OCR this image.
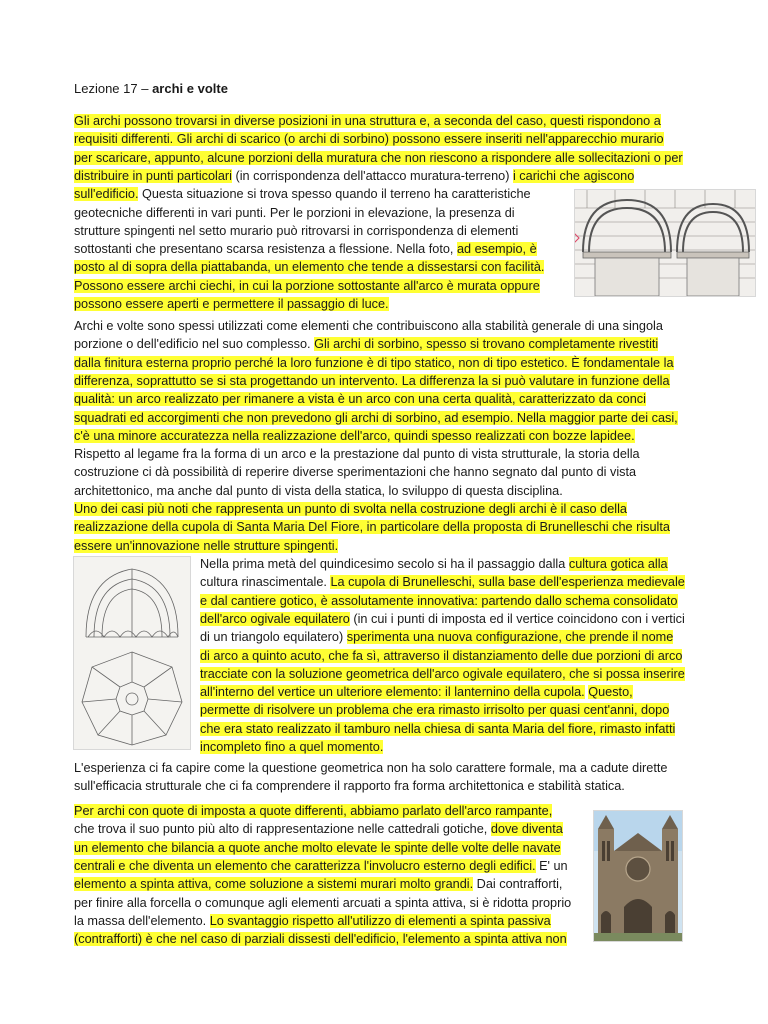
Lezione 17 – archi e volte
Gli archi possono trovarsi in diverse posizioni in una struttura e, a seconda del caso, questi rispondono a
requisiti differenti. Gli archi di scarico (o archi di sorbino) possono essere inseriti nell'apparecchio murario
per scaricare, appunto, alcune porzioni della muratura che non riescono a rispondere alle sollecitazioni o per
distribuire in punti particolari (in corrispondenza dell'attacco muratura-terreno) i carichi che agiscono
sull'edificio. Questa situazione si trova spesso quando il terreno ha caratteristiche
geotecniche differenti in vari punti. Per le porzioni in elevazione, la presenza di
strutture spingenti nel setto murario può ritrovarsi in corrispondenza di elementi
sottostanti che presentano scarsa resistenza a flessione. Nella foto, ad esempio, è
posto al di sopra della piattabanda, un elemento che tende a dissestarsi con facilità.
Possono essere archi ciechi, in cui la porzione sottostante all'arco è murata oppure
possono essere aperti e permettere il passaggio di luce.
Archi e volte sono spessi utilizzati come elementi che contribuiscono alla stabilità generale di una singola
porzione o dell'edificio nel suo complesso. Gli archi di sorbino, spesso si trovano completamente rivestiti
dalla finitura esterna proprio perché la loro funzione è di tipo statico, non di tipo estetico. È fondamentale la
differenza, soprattutto se si sta progettando un intervento. La differenza la si può valutare in funzione della
qualità: un arco realizzato per rimanere a vista è un arco con una certa qualità, caratterizzato da conci
squadrati ed accorgimenti che non prevedono gli archi di sorbino, ad esempio. Nella maggior parte dei casi,
c'è una minore accuratezza nella realizzazione dell'arco, quindi spesso realizzati con bozze lapidee.
Rispetto al legame fra la forma di un arco e la prestazione dal punto di vista strutturale, la storia della
costruzione ci dà possibilità di reperire diverse sperimentazioni che hanno segnato dal punto di vista
architettonico, ma anche dal punto di vista della statica, lo sviluppo di questa disciplina.
Uno dei casi più noti che rappresenta un punto di svolta nella costruzione degli archi è il caso della
realizzazione della cupola di Santa Maria Del Fiore, in particolare della proposta di Brunelleschi che risulta
essere un'innovazione nelle strutture spingenti.
Nella prima metà del quindicesimo secolo si ha il passaggio dalla cultura gotica alla
cultura rinascimentale. La cupola di Brunelleschi, sulla base dell'esperienza medievale
e dal cantiere gotico, è assolutamente innovativa: partendo dallo schema consolidato
dell'arco ogivale equilatero (in cui i punti di imposta ed il vertice coincidono con i vertici
di un triangolo equilatero) sperimenta una nuova configurazione, che prende il nome
di arco a quinto acuto, che fa sì, attraverso il distanziamento delle due porzioni di arco
tracciate con la soluzione geometrica dell'arco ogivale equilatero, che si possa inserire
all'interno del vertice un ulteriore elemento: il lanternino della cupola. Questo,
permette di risolvere un problema che era rimasto irrisolto per quasi cent'anni, dopo
che era stato realizzato il tamburo nella chiesa di santa Maria del fiore, rimasto infatti
incompleto fino a quel momento.
L'esperienza ci fa capire come la questione geometrica non ha solo carattere formale, ma a cadute dirette
sull'efficacia strutturale che ci fa comprendere il rapporto fra forma architettonica e stabilità statica.
Per archi con quote di imposta a quote differenti, abbiamo parlato dell'arco rampante,
che trova il suo punto più alto di rappresentazione nelle cattedrali gotiche, dove diventa
un elemento che bilancia a quote anche molto elevate le spinte delle volte delle navate
centrali e che diventa un elemento che caratterizza l'involucro esterno degli edifici. E' un
elemento a spinta attiva, come soluzione a sistemi murari molto grandi. Dai contrafforti,
per finire alla forcella o comunque agli elementi arcuati a spinta attiva, si è ridotta proprio
la massa dell'elemento. Lo svantaggio rispetto all'utilizzo di elementi a spinta passiva
(contrafforti) è che nel caso di parziali dissesti dell'edificio, l'elemento a spinta attiva non
